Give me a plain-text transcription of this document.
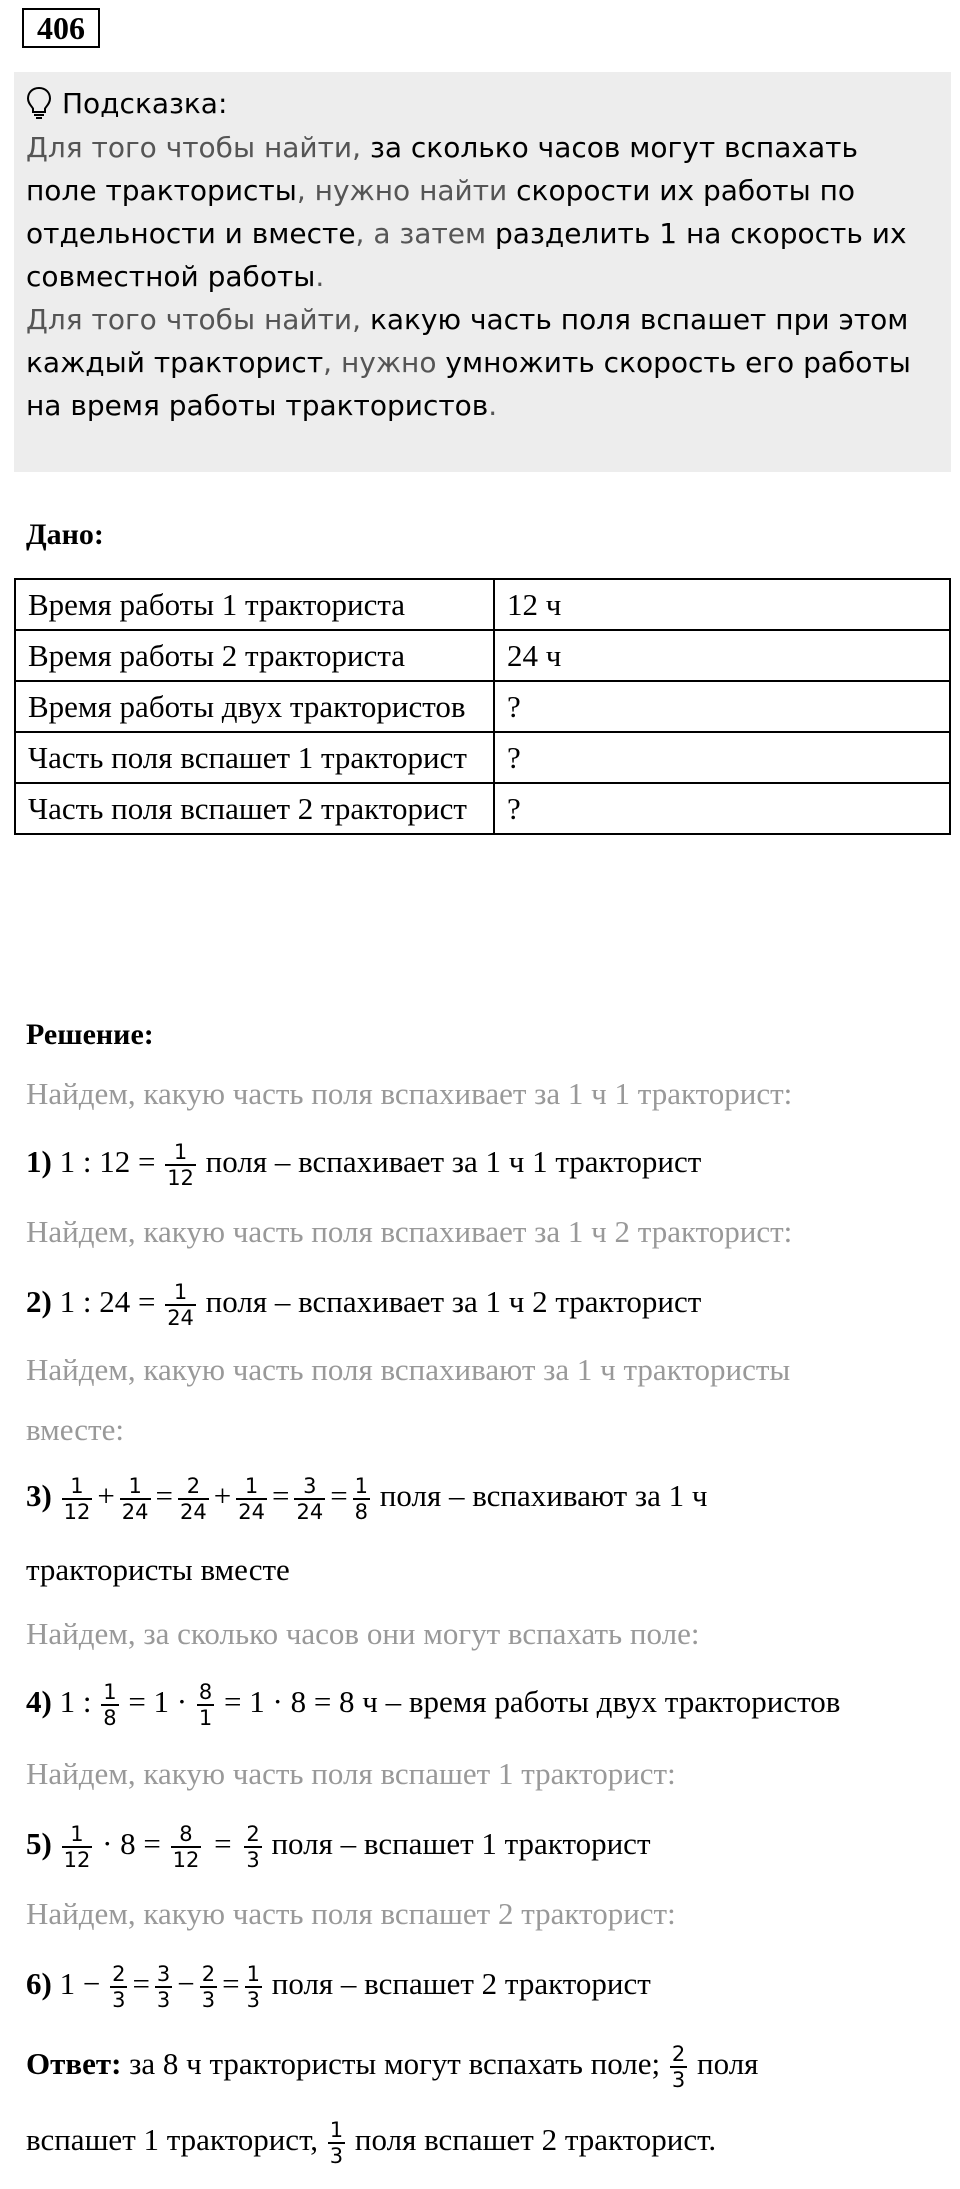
406
Подсказка:

Для того чтобы найти, за сколько часов могут вспахать поле трактористы, нужно найти скорости их работы по отдельности и вместе, а затем разделить 1 на скорость их совместной работы.

Для того чтобы найти, какую часть поля вспашет при этом каждый тракторист, нужно умножить скорость его работы на время работы трактористов.

Дано:
Время работы 1 тракториста	12 ч
Время работы 2 тракториста	24 ч
Время работы двух трактористов	?
Часть поля вспашет 1 тракторист	?
Часть поля вспашет 2 тракторист	?
Решение:
Найдем, какую часть поля вспахивает за 1 ч 1 тракторист:
1) 1 : $12 = \frac{1}{12}$ поля – вспахивает за 1 ч 1 тракторист
Найдем, какую часть поля вспахивает за 1 ч 2 тракторист:
2) 1 : $24 = \frac{1}{24}$ поля – вспахивает за 1 ч 2 тракторист
Найдем, какую часть поля вспахивают за 1 ч трактористы
вместе:
$3) \frac{1}{12} + \frac{1}{24} = \frac{2}{24} + \frac{1}{24} = \frac{3}{24} = \frac{1}{8}$ поля – вспахивают за 1 ч
трактористы вместе
Найдем, за сколько часов они могут вспахать поле:
4) 1 : $\frac{1}{8} = 1 \cdot \frac{8}{1} = 1 \cdot 8 = 8$ ч – время работы двух трактористов
Найдем, какую часть поля вспашет 1 тракторист:
$5) \frac{1}{12} \cdot 8 = \frac{8}{12} = \frac{2}{3}$ поля – вспашет 1 тракторист
Найдем, какую часть поля вспашет 2 тракторист:
6) $1 - \frac{2}{3} = \frac{3}{3} - \frac{2}{3} = \frac{1}{3}$ поля – вспашет 2 тракторист
Ответ: за 8 ч трактористы могут вспахать поле; $\frac{2}{3}$ поля
вспашет 1 тракторист, $\frac{1}{3}$ поля вспашет 2 тракторист.
